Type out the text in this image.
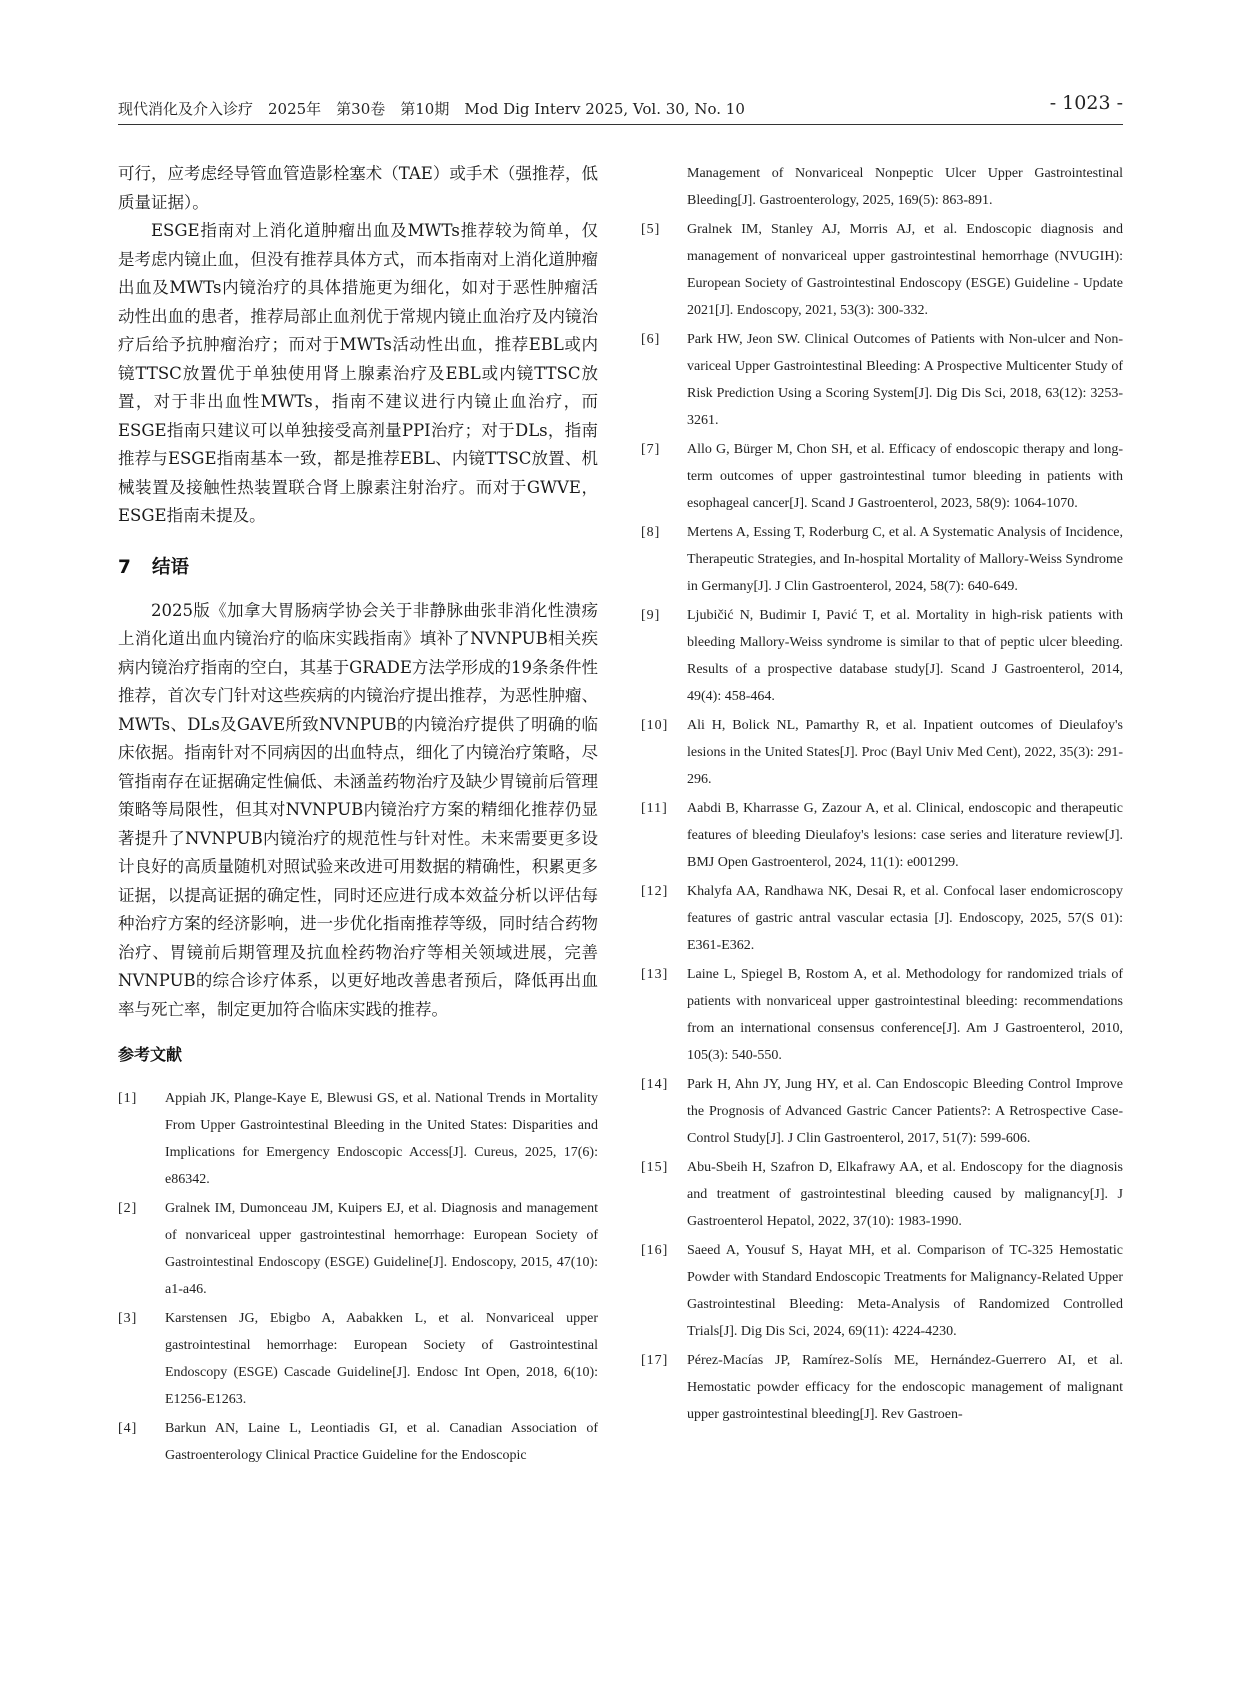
现代消化及介入诊疗　2025年　第30卷　第10期　Mod Dig Interv 2025, Vol. 30, No. 10	- 1023 -

可行，应考虑经导管血管造影栓塞术（TAE）或手术（强推荐，低质量证据）。

ESGE指南对上消化道肿瘤出血及MWTs推荐较为简单，仅是考虑内镜止血，但没有推荐具体方式，而本指南对上消化道肿瘤出血及MWTs内镜治疗的具体措施更为细化，如对于恶性肿瘤活动性出血的患者，推荐局部止血剂优于常规内镜止血治疗及内镜治疗后给予抗肿瘤治疗；而对于MWTs活动性出血，推荐EBL或内镜TTSC放置优于单独使用肾上腺素治疗及EBL或内镜TTSC放置，对于非出血性MWTs，指南不建议进行内镜止血治疗，而ESGE指南只建议可以单独接受高剂量PPI治疗；对于DLs，指南推荐与ESGE指南基本一致，都是推荐EBL、内镜TTSC放置、机械装置及接触性热装置联合肾上腺素注射治疗。而对于GWVE，ESGE指南未提及。

7 结语

2025版《加拿大胃肠病学协会关于非静脉曲张非消化性溃疡上消化道出血内镜治疗的临床实践指南》填补了NVNPUB相关疾病内镜治疗指南的空白，其基于GRADE方法学形成的19条条件性推荐，首次专门针对这些疾病的内镜治疗提出推荐，为恶性肿瘤、MWTs、DLs及GAVE所致NVNPUB的内镜治疗提供了明确的临床依据。指南针对不同病因的出血特点，细化了内镜治疗策略，尽管指南存在证据确定性偏低、未涵盖药物治疗及缺少胃镜前后管理策略等局限性，但其对NVNPUB内镜治疗方案的精细化推荐仍显著提升了NVNPUB内镜治疗的规范性与针对性。未来需要更多设计良好的高质量随机对照试验来改进可用数据的精确性，积累更多证据，以提高证据的确定性，同时还应进行成本效益分析以评估每种治疗方案的经济影响，进一步优化指南推荐等级，同时结合药物治疗、胃镜前后期管理及抗血栓药物治疗等相关领域进展，完善NVNPUB的综合诊疗体系，以更好地改善患者预后，降低再出血率与死亡率，制定更加符合临床实践的推荐。

参考文献
[1] Appiah JK, Plange-Kaye E, Blewusi GS, et al. National Trends in Mortality From Upper Gastrointestinal Bleeding in the United States: Disparities and Implications for Emergency Endoscopic Access[J]. Cureus, 2025, 17(6): e86342.
[2] Gralnek IM, Dumonceau JM, Kuipers EJ, et al. Diagnosis and management of nonvariceal upper gastrointestinal hemorrhage: European Society of Gastrointestinal Endoscopy (ESGE) Guideline[J]. Endoscopy, 2015, 47(10): a1-a46.
[3] Karstensen JG, Ebigbo A, Aabakken L, et al. Nonvariceal upper gastrointestinal hemorrhage: European Society of Gastrointestinal Endoscopy (ESGE) Cascade Guideline[J]. Endosc Int Open, 2018, 6(10): E1256-E1263.
[4] Barkun AN, Laine L, Leontiadis GI, et al. Canadian Association of Gastroenterology Clinical Practice Guideline for the Endoscopic
Management of Nonvariceal Nonpeptic Ulcer Upper Gastrointestinal Bleeding[J]. Gastroenterology, 2025, 169(5): 863-891.
[5] Gralnek IM, Stanley AJ, Morris AJ, et al. Endoscopic diagnosis and management of nonvariceal upper gastrointestinal hemorrhage (NVUGIH): European Society of Gastrointestinal Endoscopy (ESGE) Guideline - Update 2021[J]. Endoscopy, 2021, 53(3): 300-332.
[6] Park HW, Jeon SW. Clinical Outcomes of Patients with Non-ulcer and Non-variceal Upper Gastrointestinal Bleeding: A Prospective Multicenter Study of Risk Prediction Using a Scoring System[J]. Dig Dis Sci, 2018, 63(12): 3253-3261.
[7] Allo G, Bürger M, Chon SH, et al. Efficacy of endoscopic therapy and long-term outcomes of upper gastrointestinal tumor bleeding in patients with esophageal cancer[J]. Scand J Gastroenterol, 2023, 58(9): 1064-1070.
[8] Mertens A, Essing T, Roderburg C, et al. A Systematic Analysis of Incidence, Therapeutic Strategies, and In-hospital Mortality of Mallory-Weiss Syndrome in Germany[J]. J Clin Gastroenterol, 2024, 58(7): 640-649.
[9] Ljubičić N, Budimir I, Pavić T, et al. Mortality in high-risk patients with bleeding Mallory-Weiss syndrome is similar to that of peptic ulcer bleeding. Results of a prospective database study[J]. Scand J Gastroenterol, 2014, 49(4): 458-464.
[10] Ali H, Bolick NL, Pamarthy R, et al. Inpatient outcomes of Dieulafoy's lesions in the United States[J]. Proc (Bayl Univ Med Cent), 2022, 35(3): 291-296.
[11] Aabdi B, Kharrasse G, Zazour A, et al. Clinical, endoscopic and therapeutic features of bleeding Dieulafoy's lesions: case series and literature review[J]. BMJ Open Gastroenterol, 2024, 11(1): e001299.
[12] Khalyfa AA, Randhawa NK, Desai R, et al. Confocal laser endomicroscopy features of gastric antral vascular ectasia [J]. Endoscopy, 2025, 57(S 01): E361-E362.
[13] Laine L, Spiegel B, Rostom A, et al. Methodology for randomized trials of patients with nonvariceal upper gastrointestinal bleeding: recommendations from an international consensus conference[J]. Am J Gastroenterol, 2010, 105(3): 540-550.
[14] Park H, Ahn JY, Jung HY, et al. Can Endoscopic Bleeding Control Improve the Prognosis of Advanced Gastric Cancer Patients?: A Retrospective Case-Control Study[J]. J Clin Gastroenterol, 2017, 51(7): 599-606.
[15] Abu-Sbeih H, Szafron D, Elkafrawy AA, et al. Endoscopy for the diagnosis and treatment of gastrointestinal bleeding caused by malignancy[J]. J Gastroenterol Hepatol, 2022, 37(10): 1983-1990.
[16] Saeed A, Yousuf S, Hayat MH, et al. Comparison of TC-325 Hemostatic Powder with Standard Endoscopic Treatments for Malignancy-Related Upper Gastrointestinal Bleeding: Meta-Analysis of Randomized Controlled Trials[J]. Dig Dis Sci, 2024, 69(11): 4224-4230.
[17] Pérez-Macías JP, Ramírez-Solís ME, Hernández-Guerrero AI, et al. Hemostatic powder efficacy for the endoscopic management of malignant upper gastrointestinal bleeding[J]. Rev Gastroen-
